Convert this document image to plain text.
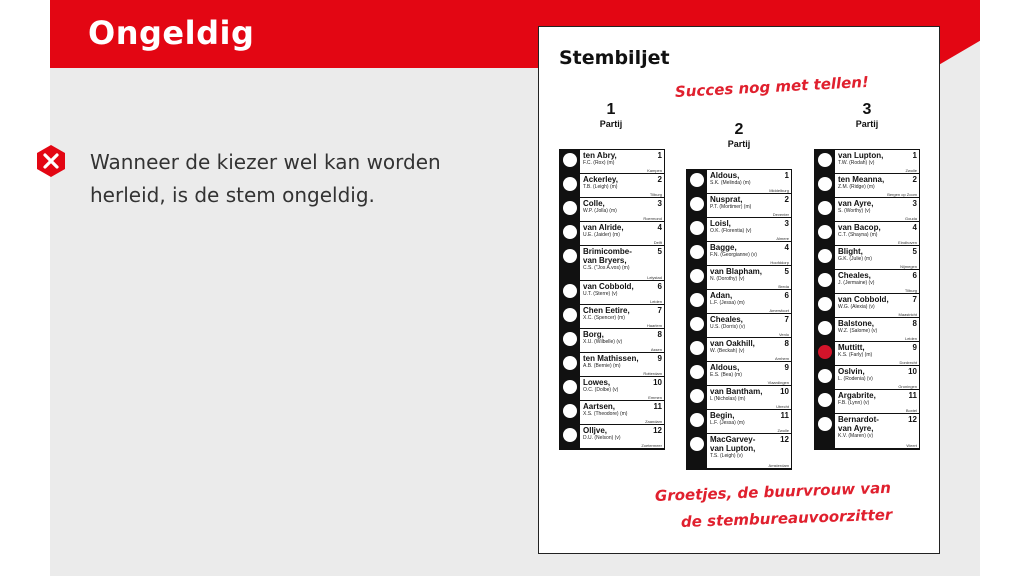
Ongeldig
Wanneer de kiezer wel kan worden herleid, is de stem ongeldig.
Stembiljet
Succes nog met tellen!
1
Partij	2
Partij
3
Partij
ten Abry,
F.C. (Rox) (m)
1
Kampen
Ackerley,
T.B. (Leigh) (m)
2
Tilburg
Colle,
W.P. (Jolla) (m)
3
Roermond
van Alride,
U.E. (Jaider) (m)
4
Delft
Brimicombe-
van Bryers,
C.S. ("Jos A.vos) (m)
5
Lelystad
van Cobbold,
U.T. (Sterre) (v)
6
Leiden
Chen Eetire,
X.C. (Spencer) (m)
7
Haarlem
Borg,
X.U. (Wilbelle) (v)
8
Assen
ten Mathissen,
A.B. (Bernie) (m)
9
Rotterdam
Lowes,
O.C. (Dolbe) (v)
10
Emmen
Aartsen,
X.S. (Theodore) (m)
11
Zaandam
Olljve,
D.U. (Nelson) (v)
12
Zoetermeer
Aldous,
S.K. (Melinda) (m)
1
Middelburg
Nusprat,
P.T. (Mortimer) (m)
2
Deventer
Loisl,
O.K. (Florentia) (v)
3
Almere
Bagge,
F.N. (Georgianne) (v)
4
Hoofddorp
van Blapham,
N. (Dorothy) (v)
5
Breda
Adan,
L.F. (Jessa) (m)
6
Amersfoort
Cheales,
U.S. (Dorris) (v)
7
Venlo
van Oakhill,
W. (Beckah) (v)
8
Arnhem
Aldous,
E.S. (Bea) (m)
9
Vlaardingen
van Bantham,
L (Nicholas) (m)
10
Utrecht
Begin,
L.F. (Jessa) (m)
11
Zwolle
MacGarvey-
van Lupton,
T.S. (Leigh) (v)
12
Amsterdam
van Lupton,
T.W. (Rodah) (v)
1
Zwolle
ten Meanna,
Z.M. (Ridge) (m)
2
Bergen op Zoom
van Ayre,
S. (Worthy) (v)
3
Gouda
van Bacop,
C.T. (Shayna) (m)
4
Eindhoven
Blight,
G.K. (Julie) (m)
5
Nijmegen
Cheales,
J. (Jermaine) (v)
6
Tilburg
van Cobbold,
W.G. (Alexia) (v)
7
Maastricht
Balstone,
W.Z. (Salome) (v)
8
Leiden
Muttitt,
K.S. (Farly) (m)
9
Dordrecht
Oslvin,
L. (Rodenia) (v)
10
Groningen
Argabrite,
F.B. (Lynn) (v)
11
Boxtel
Bernardot-
van Ayre,
K.V. (Maren) (v)
12
Weert
Groetjes, de buurvrouw van
de stembureauvoorzitter
